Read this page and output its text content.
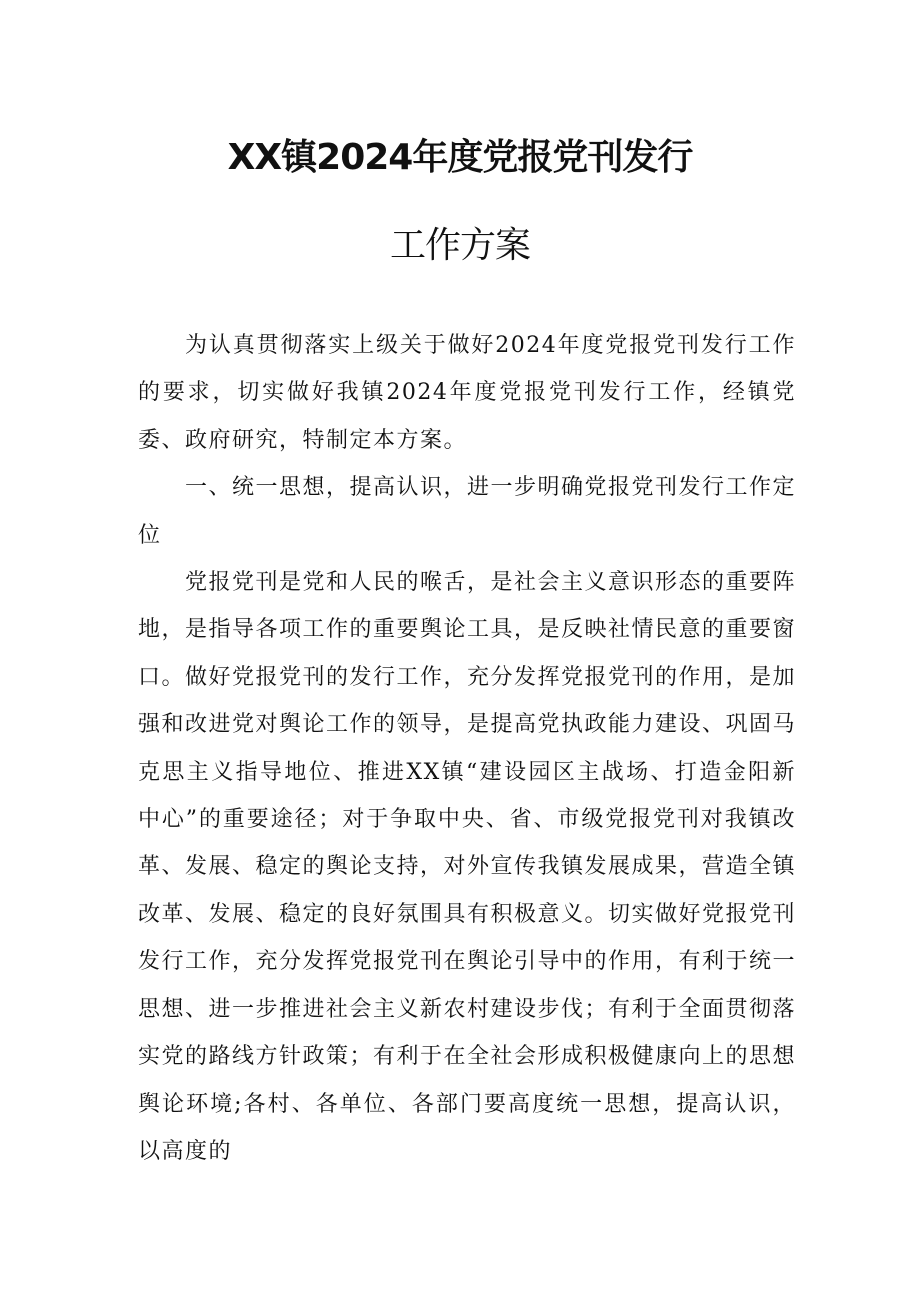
XX镇2024年度党报党刊发行
工作方案

为认真贯彻落实上级关于做好2024年度党报党刊发行工作的要求，切实做好我镇2024年度党报党刊发行工作，经镇党委、政府研究，特制定本方案。

一、统一思想，提高认识，进一步明确党报党刊发行工作定位

党报党刊是党和人民的喉舌，是社会主义意识形态的重要阵地，是指导各项工作的重要舆论工具，是反映社情民意的重要窗口。做好党报党刊的发行工作，充分发挥党报党刊的作用，是加强和改进党对舆论工作的领导，是提高党执政能力建设、巩固马克思主义指导地位、推进XX镇“建设园区主战场、打造金阳新中心”的重要途径；对于争取中央、省、市级党报党刊对我镇改革、发展、稳定的舆论支持，对外宣传我镇发展成果，营造全镇改革、发展、稳定的良好氛围具有积极意义。切实做好党报党刊发行工作，充分发挥党报党刊在舆论引导中的作用，有利于统一思想、进一步推进社会主义新农村建设步伐；有利于全面贯彻落实党的路线方针政策；有利于在全社会形成积极健康向上的思想舆论环境;各村、各单位、各部门要高度统一思想，提高认识，以高度的
